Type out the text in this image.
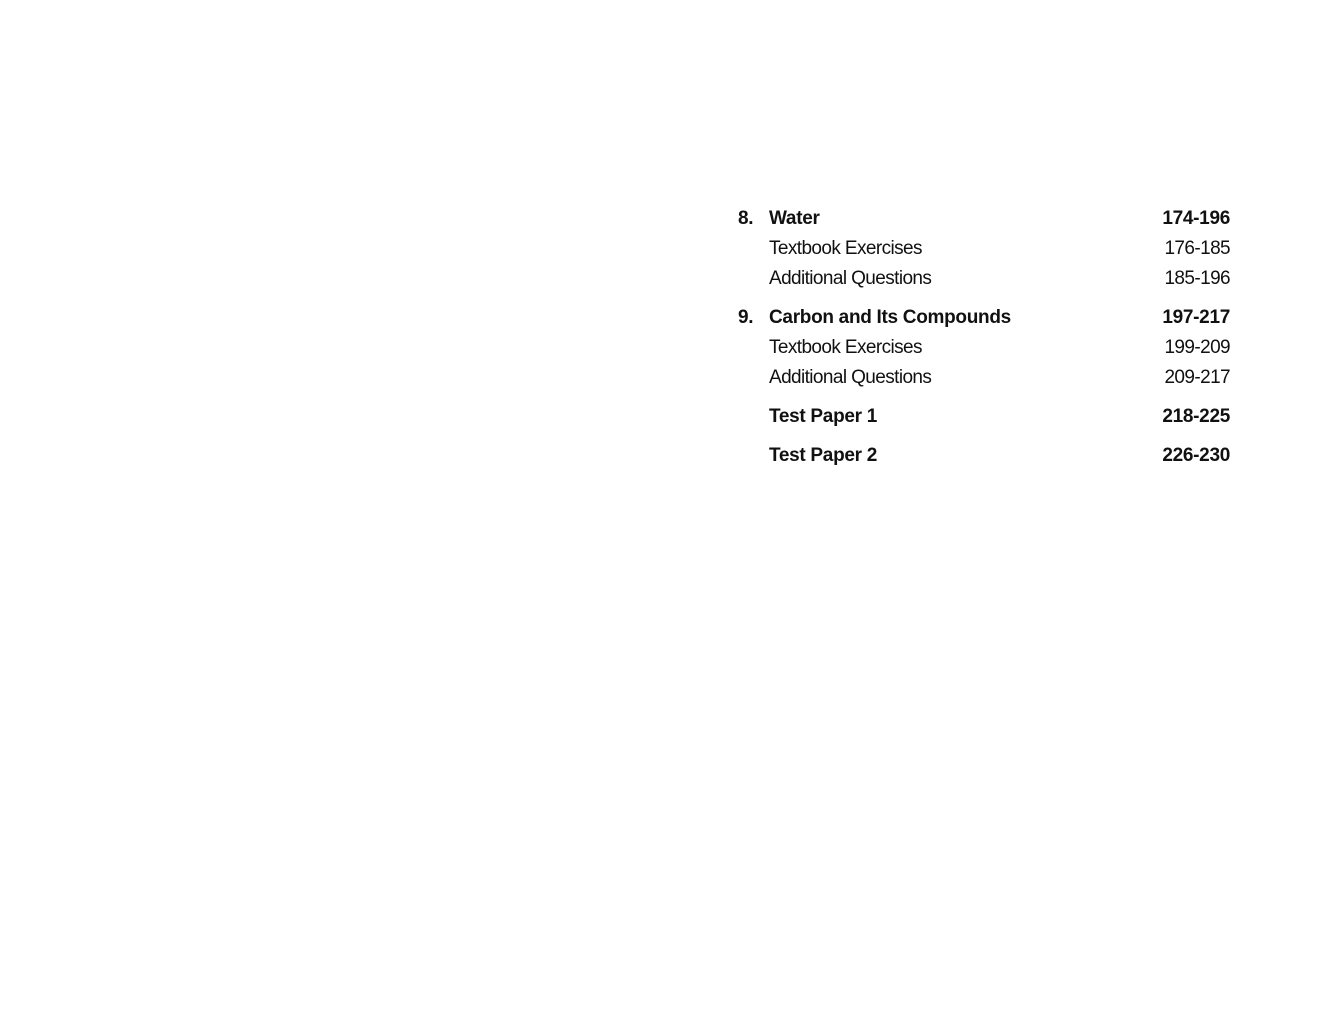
8. Water	174-196
Textbook Exercises	176-185
Additional Questions	185-196
9. Carbon and Its Compounds	197-217
Textbook Exercises	199-209
Additional Questions	209-217
Test Paper 1	218-225
Test Paper 2	226-230
